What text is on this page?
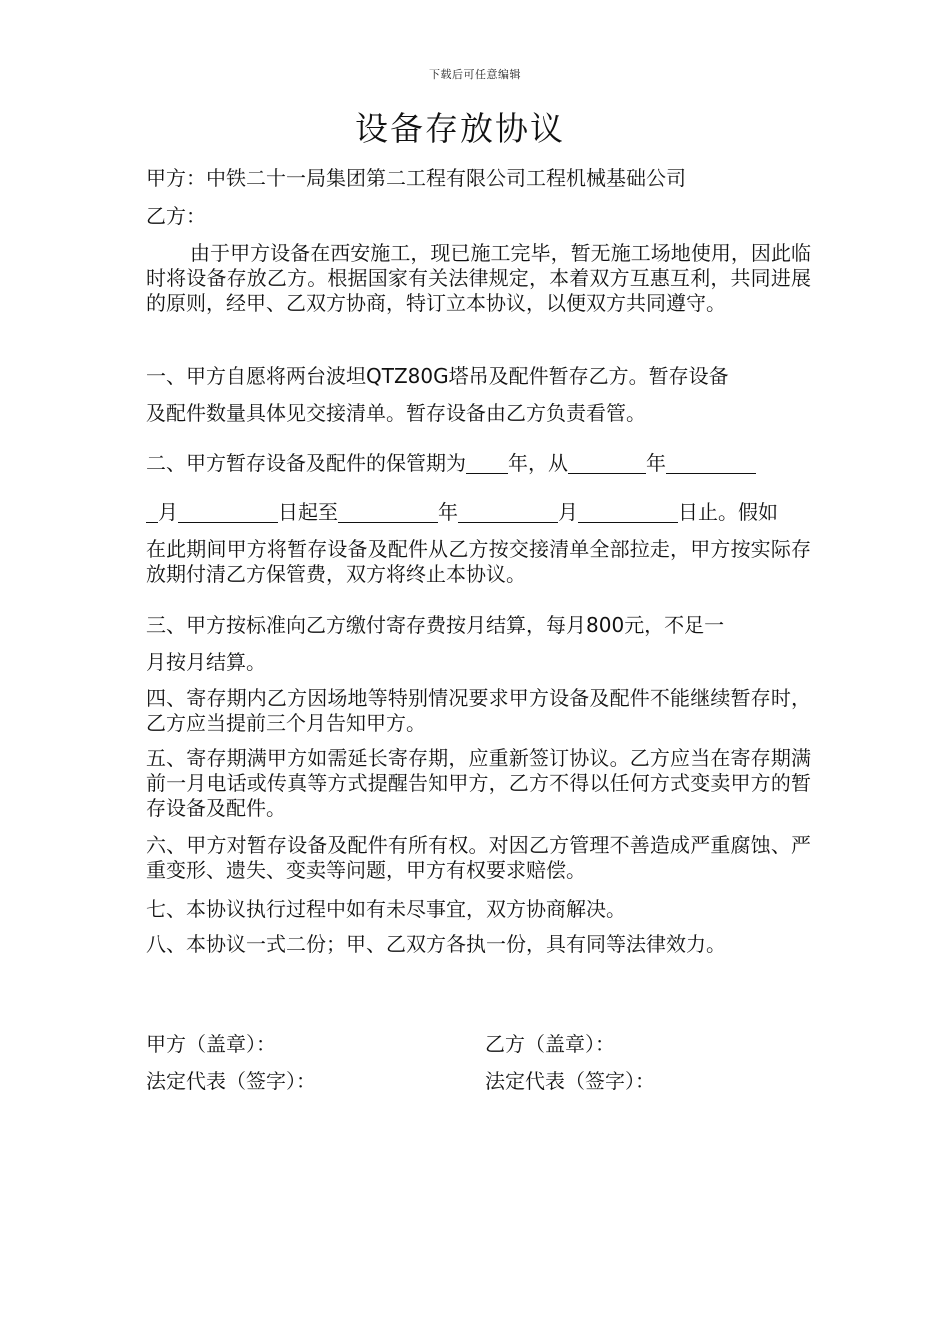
下载后可任意编辑
设备存放协议
甲方：中铁二十一局集团第二工程有限公司工程机械基础公司
乙方：
由于甲方设备在西安施工，现已施工完毕，暂无施工场地使用，因此临时将设备存放乙方。根据国家有关法律规定，本着双方互惠互利，共同进展的原则，经甲、乙双方协商，特订立本协议，以便双方共同遵守。
一、甲方自愿将两台波坦QTZ80G塔吊及配件暂存乙方。暂存设备
及配件数量具体见交接清单。暂存设备由乙方负责看管。
二、甲方暂存设备及配件的保管期为 年，从	年
月	日起至	年	月	日止。假如
在此期间甲方将暂存设备及配件从乙方按交接清单全部拉走，甲方按实际存放期付清乙方保管费，双方将终止本协议。
三、甲方按标准向乙方缴付寄存费按月结算，每月800元，不足一
月按月结算。
四、寄存期内乙方因场地等特别情况要求甲方设备及配件不能继续暂存时，乙方应当提前三个月告知甲方。
五、寄存期满甲方如需延长寄存期，应重新签订协议。乙方应当在寄存期满前一月电话或传真等方式提醒告知甲方，乙方不得以任何方式变卖甲方的暂存设备及配件。
六、甲方对暂存设备及配件有所有权。对因乙方管理不善造成严重腐蚀、严重变形、遗失、变卖等问题，甲方有权要求赔偿。
七、本协议执行过程中如有未尽事宜，双方协商解决。
八、本协议一式二份；甲、乙双方各执一份，具有同等法律效力。
甲方（盖章）：
法定代表（签字）：
乙方（盖章）：
法定代表（签字）：
